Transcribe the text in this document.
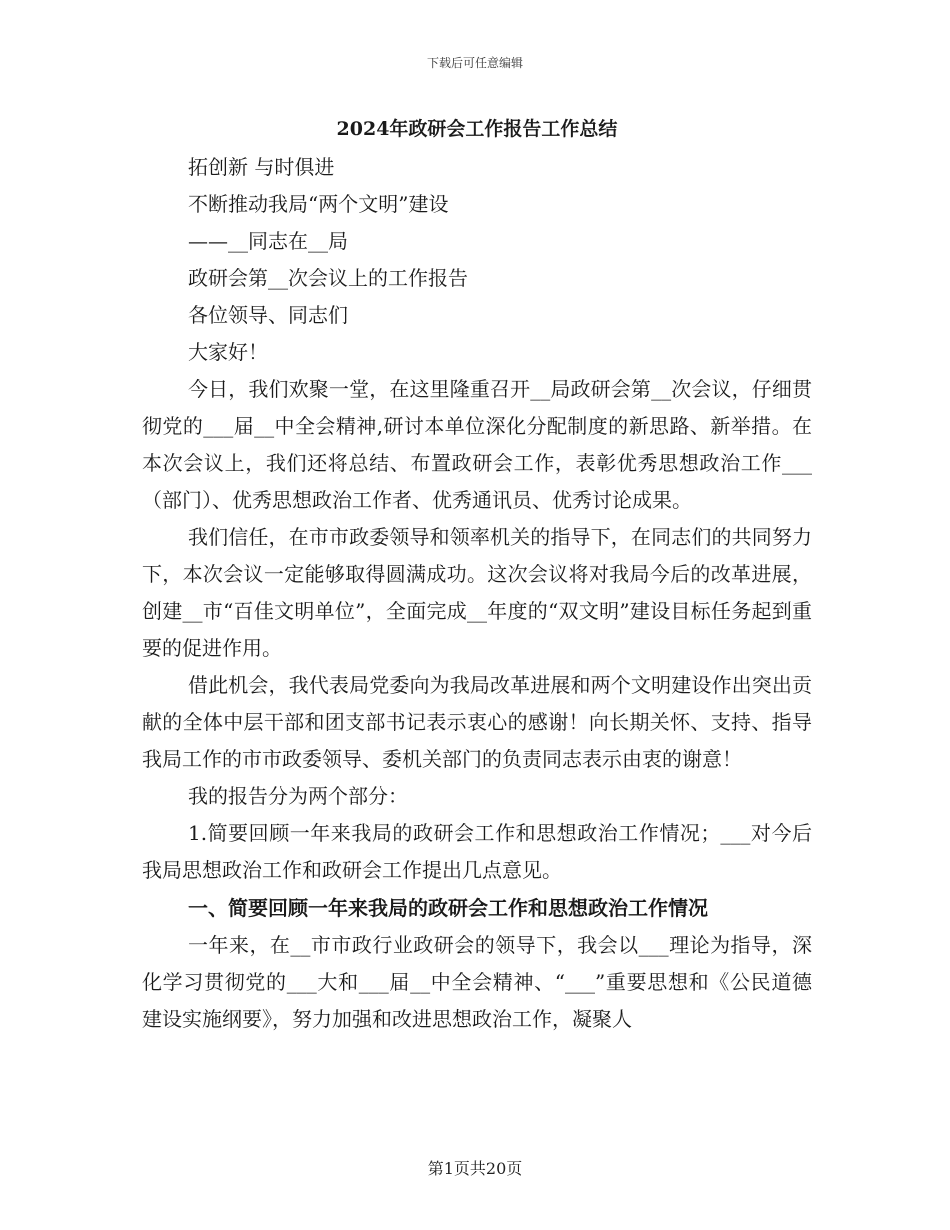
下载后可任意编辑
2024年政研会工作报告工作总结
拓创新 与时俱进
不断推动我局“两个文明”建设
——__同志在__局
政研会第__次会议上的工作报告
各位领导、同志们
大家好！

今日，我们欢聚一堂，在这里隆重召开__局政研会第__次会议，仔细贯彻党的___届__中全会精神,研讨本单位深化分配制度的新思路、新举措。在本次会议上，我们还将总结、布置政研会工作，表彰优秀思想政治工作___（部门）、优秀思想政治工作者、优秀通讯员、优秀讨论成果。

我们信任，在市市政委领导和领率机关的指导下，在同志们的共同努力下，本次会议一定能够取得圆满成功。这次会议将对我局今后的改革进展，创建__市“百佳文明单位”，全面完成__年度的“双文明”建设目标任务起到重要的促进作用。

借此机会，我代表局党委向为我局改革进展和两个文明建设作出突出贡献的全体中层干部和团支部书记表示衷心的感谢！向长期关怀、支持、指导我局工作的市市政委领导、委机关部门的负责同志表示由衷的谢意！

我的报告分为两个部分：

1.简要回顾一年来我局的政研会工作和思想政治工作情况；___对今后我局思想政治工作和政研会工作提出几点意见。

一、简要回顾一年来我局的政研会工作和思想政治工作情况

一年来，在__市市政行业政研会的领导下，我会以___理论为指导，深化学习贯彻党的___大和___届__中全会精神、“___”重要思想和《公民道德建设实施纲要》，努力加强和改进思想政治工作，凝聚人

第1页共20页
